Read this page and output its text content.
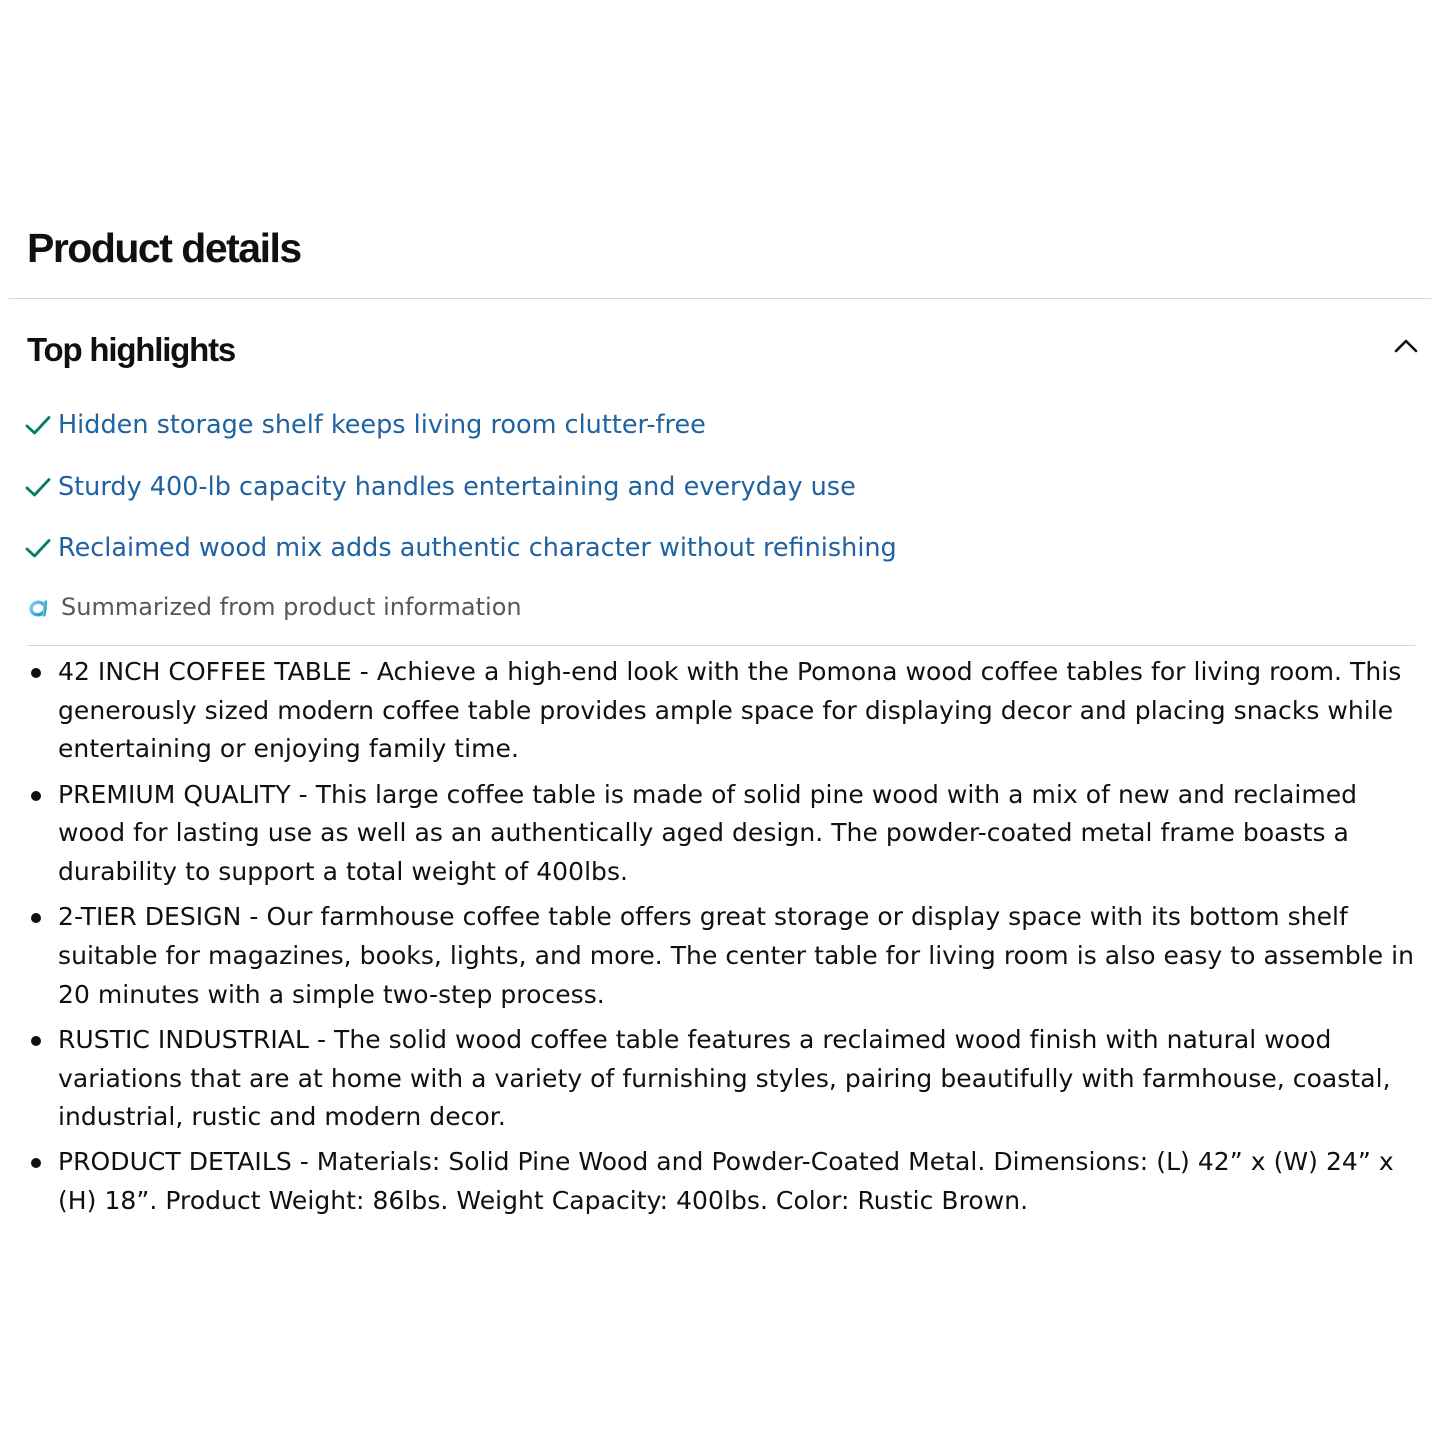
Product details
Top highlights
Hidden storage shelf keeps living room clutter-free
Sturdy 400-lb capacity handles entertaining and everyday use
Reclaimed wood mix adds authentic character without refinishing
Summarized from product information
42 INCH COFFEE TABLE - Achieve a high-end look with the Pomona wood coffee tables for living room. This generously sized modern coffee table provides ample space for displaying decor and placing snacks while entertaining or enjoying family time.
PREMIUM QUALITY - This large coffee table is made of solid pine wood with a mix of new and reclaimed wood for lasting use as well as an authentically aged design. The powder-coated metal frame boasts a durability to support a total weight of 400lbs.
2-TIER DESIGN - Our farmhouse coffee table offers great storage or display space with its bottom shelf suitable for magazines, books, lights, and more. The center table for living room is also easy to assemble in 20 minutes with a simple two-step process.
RUSTIC INDUSTRIAL - The solid wood coffee table features a reclaimed wood finish with natural wood variations that are at home with a variety of furnishing styles, pairing beautifully with farmhouse, coastal, industrial, rustic and modern decor.
PRODUCT DETAILS - Materials: Solid Pine Wood and Powder-Coated Metal. Dimensions: (L) 42” x (W) 24” x (H) 18”. Product Weight: 86lbs. Weight Capacity: 400lbs. Color: Rustic Brown.
